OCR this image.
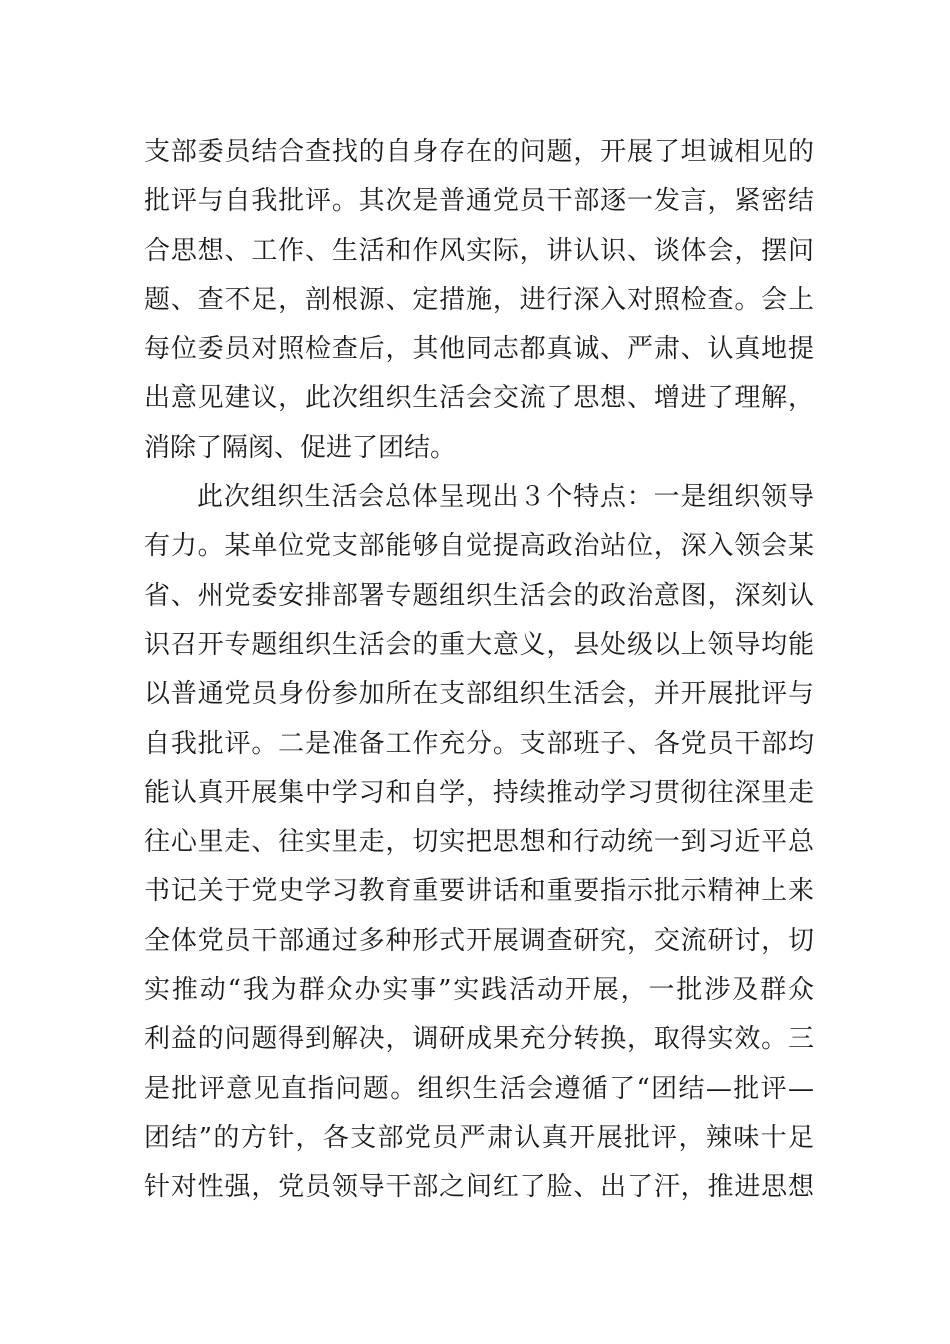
支部委员结合查找的自身存在的问题，开展了坦诚相见的
批评与自我批评。其次是普通党员干部逐一发言，紧密结
合思想、工作、生活和作风实际，讲认识、谈体会，摆问
题、查不足，剖根源、定措施，进行深入对照检查。会上
每位委员对照检查后，其他同志都真诚、严肃、认真地提
出意见建议，此次组织生活会交流了思想、增进了理解，
消除了隔阂、促进了团结。
此次组织生活会总体呈现出３个特点：一是组织领导
有力。某单位党支部能够自觉提高政治站位，深入领会某
省、州党委安排部署专题组织生活会的政治意图，深刻认
识召开专题组织生活会的重大意义，县处级以上领导均能
以普通党员身份参加所在支部组织生活会，并开展批评与
自我批评。二是准备工作充分。支部班子、各党员干部均
能认真开展集中学习和自学，持续推动学习贯彻往深里走
往心里走、往实里走，切实把思想和行动统一到习近平总
书记关于党史学习教育重要讲话和重要指示批示精神上来
全体党员干部通过多种形式开展调查研究，交流研讨，切
实推动“我为群众办实事”实践活动开展，一批涉及群众
利益的问题得到解决，调研成果充分转换，取得实效。三
是批评意见直指问题。组织生活会遵循了“团结—批评—
团结”的方针，各支部党员严肃认真开展批评，辣味十足
针对性强，党员领导干部之间红了脸、出了汗，推进思想
